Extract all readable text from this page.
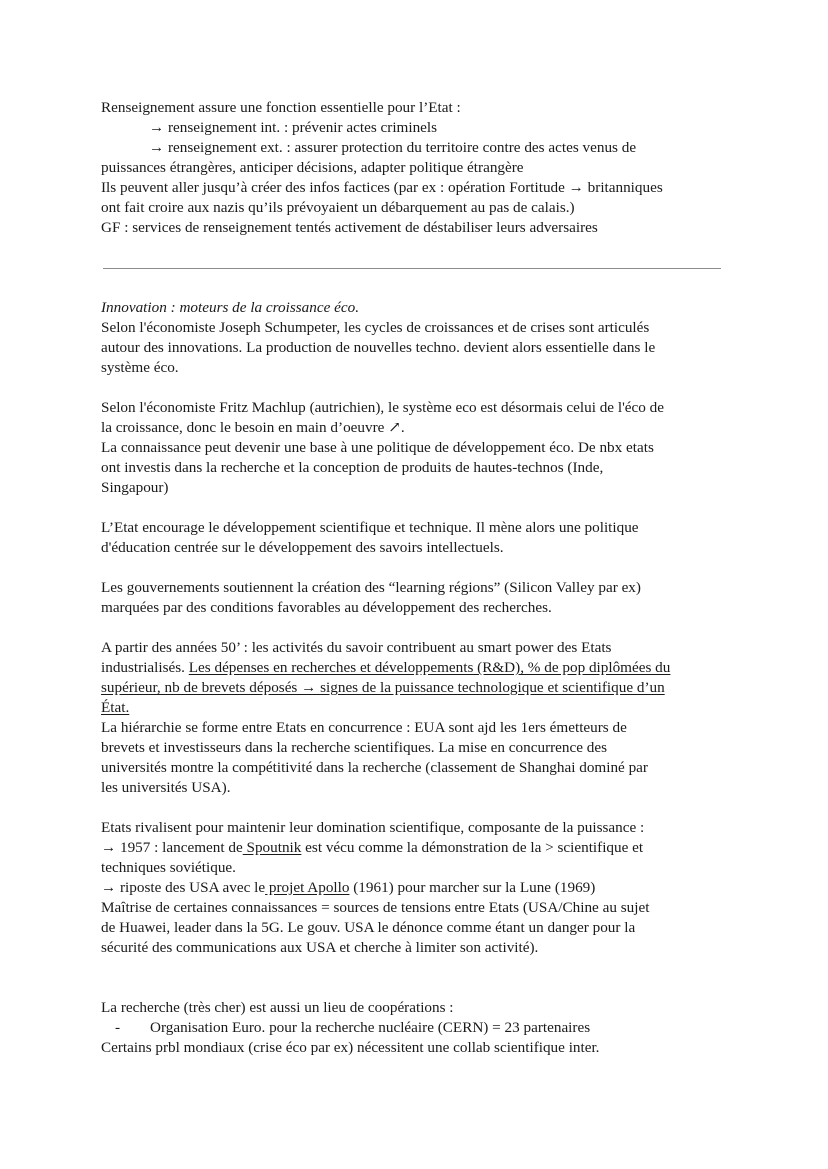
Renseignement assure une fonction essentielle pour l’Etat :

→ renseignement int. : prévenir actes criminels

→ renseignement ext. : assurer protection du territoire contre des actes venus de

puissances étrangères, anticiper décisions, adapter politique étrangère

Ils peuvent aller jusqu’à créer des infos factices (par ex : opération Fortitude → britanniques

ont fait croire aux nazis qu’ils prévoyaient un débarquement au pas de calais.)

GF : services de renseignement tentés activement de déstabiliser leurs adversaires

Innovation : moteurs de la croissance éco.

Selon l'économiste Joseph Schumpeter, les cycles de croissances et de crises sont articulés

autour des innovations. La production de nouvelles techno. devient alors essentielle dans le

système éco.

Selon l'économiste Fritz Machlup (autrichien), le système eco est désormais celui de l'éco de

la croissance, donc le besoin en main d’oeuvre ↗.

La connaissance peut devenir une base à une politique de développement éco. De nbx etats

ont investis dans la recherche et la conception de produits de hautes-technos (Inde,

Singapour)

L’Etat encourage le développement scientifique et technique. Il mène alors une politique

d'éducation centrée sur le développement des savoirs intellectuels.

Les gouvernements soutiennent la création des “learning régions” (Silicon Valley par ex)

marquées par des conditions favorables au développement des recherches.

A partir des années 50’ : les activités du savoir contribuent au smart power des Etats

industrialisés. Les dépenses en recherches et développements (R&D), % de pop diplômées du

supérieur, nb de brevets déposés → signes de la puissance technologique et scientifique d’un

État.

La hiérarchie se forme entre Etats en concurrence : EUA sont ajd les 1ers émetteurs de

brevets et investisseurs dans la recherche scientifiques. La mise en concurrence des

universités montre la compétitivité dans la recherche (classement de Shanghai dominé par

les universités USA).

Etats rivalisent pour maintenir leur domination scientifique, composante de la puissance :

→ 1957 : lancement de Spoutnik est vécu comme la démonstration de la > scientifique et

techniques soviétique.

→ riposte des USA avec le projet Apollo (1961) pour marcher sur la Lune (1969)

Maîtrise de certaines connaissances = sources de tensions entre Etats (USA/Chine au sujet

de Huawei, leader dans la 5G. Le gouv. USA le dénonce comme étant un danger pour la

sécurité des communications aux USA et cherche à limiter son activité).

La recherche (très cher) est aussi un lieu de coopérations :

- Organisation Euro. pour la recherche nucléaire (CERN) = 23 partenaires

Certains prbl mondiaux (crise éco par ex) nécessitent une collab scientifique inter.
